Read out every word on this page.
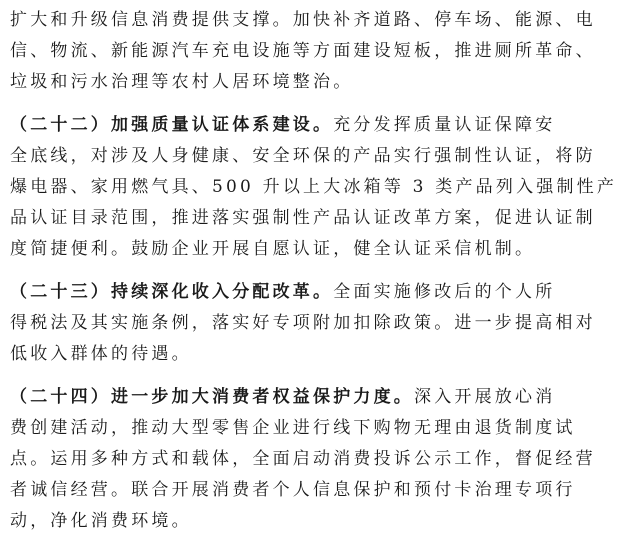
扩大和升级信息消费提供支撑。加快补齐道路、停车场、能源、电
信、物流、新能源汽车充电设施等方面建设短板，推进厕所革命、
垃圾和污水治理等农村人居环境整治。
（二十二）加强质量认证体系建设。充分发挥质量认证保障安
全底线，对涉及人身健康、安全环保的产品实行强制性认证，将防
爆电器、家用燃气具、500 升以上大冰箱等 3 类产品列入强制性产
品认证目录范围，推进落实强制性产品认证改革方案，促进认证制
度简捷便利。鼓励企业开展自愿认证，健全认证采信机制。
（二十三）持续深化收入分配改革。全面实施修改后的个人所
得税法及其实施条例，落实好专项附加扣除政策。进一步提高相对
低收入群体的待遇。
（二十四）进一步加大消费者权益保护力度。深入开展放心消
费创建活动，推动大型零售企业进行线下购物无理由退货制度试
点。运用多种方式和载体，全面启动消费投诉公示工作，督促经营
者诚信经营。联合开展消费者个人信息保护和预付卡治理专项行
动，净化消费环境。
